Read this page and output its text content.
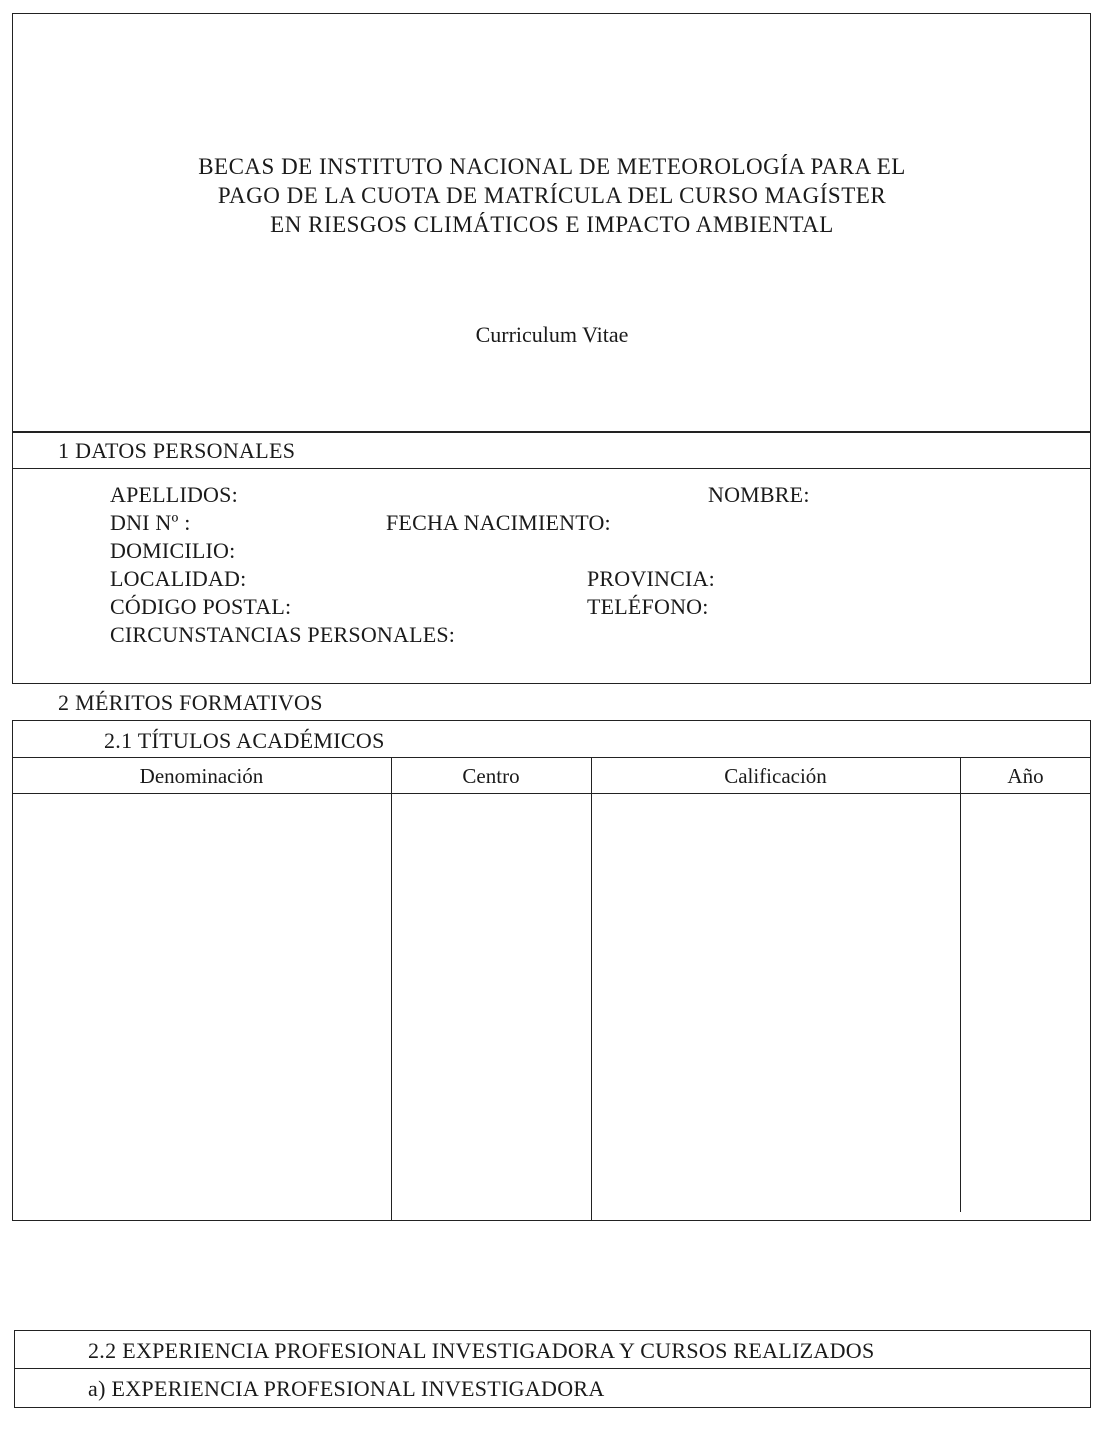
BECAS DE INSTITUTO NACIONAL DE METEOROLOGÍA PARA EL
PAGO DE LA CUOTA DE MATRÍCULA DEL CURSO MAGÍSTER
EN RIESGOS CLIMÁTICOS E IMPACTO AMBIENTAL
Curriculum Vitae
1 DATOS PERSONALES
APELLIDOS:	NOMBRE:
DNI Nº :	FECHA NACIMIENTO:
DOMICILIO:
LOCALIDAD:	PROVINCIA:
CÓDIGO POSTAL:	TELÉFONO:
CIRCUNSTANCIAS PERSONALES:
2 MÉRITOS FORMATIVOS
2.1 TÍTULOS ACADÉMICOS
Denominación	Centro	Calificación	Año
2.2 EXPERIENCIA PROFESIONAL INVESTIGADORA Y CURSOS REALIZADOS
a) EXPERIENCIA PROFESIONAL INVESTIGADORA
